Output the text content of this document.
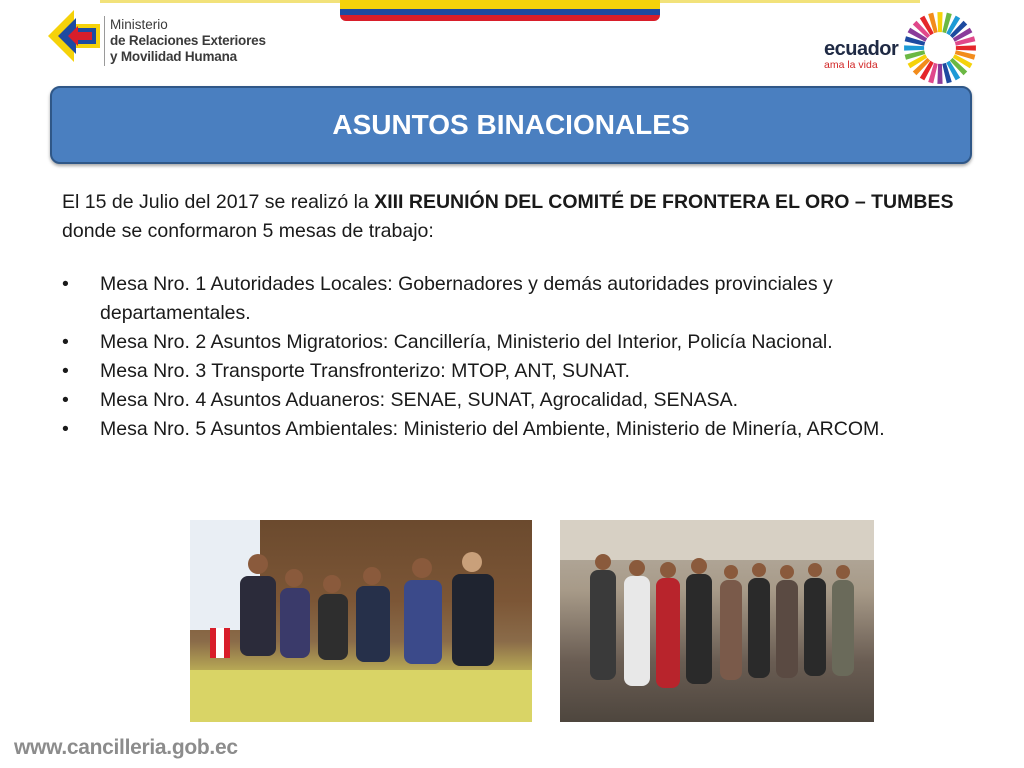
Ministerio
de Relaciones Exteriores
y Movilidad Humana	ecuador
ama la vida
ASUNTOS BINACIONALES

El 15 de Julio del 2017 se realizó la XIII REUNIÓN DEL COMITÉ DE FRONTERA EL ORO – TUMBES donde se conformaron 5 mesas de trabajo:

• Mesa Nro. 1 Autoridades Locales: Gobernadores y demás autoridades provinciales y departamentales.
• Mesa Nro. 2 Asuntos Migratorios: Cancillería, Ministerio del Interior, Policía Nacional.
• Mesa Nro. 3 Transporte Transfronterizo: MTOP, ANT, SUNAT.
• Mesa Nro. 4 Asuntos Aduaneros: SENAE, SUNAT, Agrocalidad, SENASA.
• Mesa Nro. 5 Asuntos Ambientales: Ministerio del Ambiente, Ministerio de Minería, ARCOM.
www.cancilleria.gob.ec
